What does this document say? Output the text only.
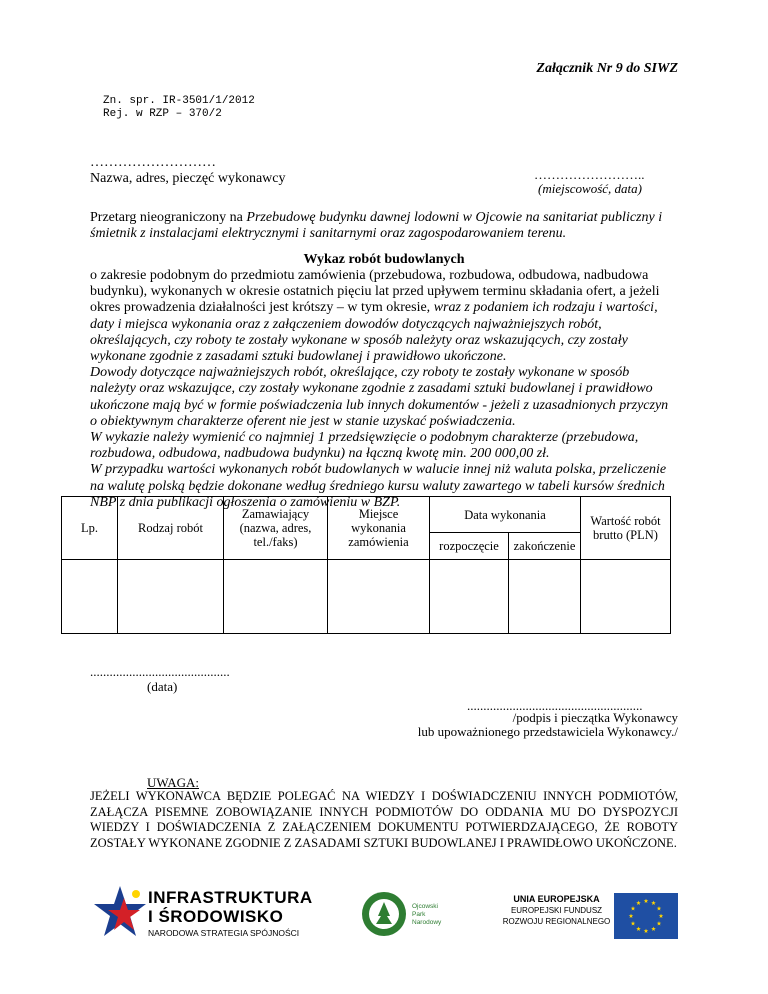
Załącznik Nr 9 do SIWZ
Zn. spr. IR-3501/1/2012
Rej. w RZP – 370/2
………………………
Nazwa, adres, pieczęć wykonawcy	……………………..
(miejscowość, data)
Przetarg nieograniczony na Przebudowę budynku dawnej lodowni w Ojcowie na sanitariat publiczny i śmietnik z instalacjami elektrycznymi i sanitarnymi oraz zagospodarowaniem terenu.
Wykaz robót budowlanych

o zakresie podobnym do przedmiotu zamówienia (przebudowa, rozbudowa, odbudowa, nadbudowa budynku), wykonanych w okresie ostatnich pięciu lat przed upływem terminu składania ofert, a jeżeli okres prowadzenia działalności jest krótszy – w tym okresie, wraz z podaniem ich rodzaju i wartości, daty i miejsca wykonania oraz z załączeniem dowodów dotyczących najważniejszych robót, określających, czy roboty te zostały wykonane w sposób należyty oraz wskazujących, czy zostały wykonane zgodnie z zasadami sztuki budowlanej i prawidłowo ukończone.

Dowody dotyczące najważniejszych robót, określające, czy roboty te zostały wykonane w sposób należyty oraz wskazujące, czy zostały wykonane zgodnie z zasadami sztuki budowlanej i prawidłowo ukończone mają być w formie poświadczenia lub innych dokumentów - jeżeli z uzasadnionych przyczyn o obiektywnym charakterze oferent nie jest w stanie uzyskać poświadczenia.

W wykazie należy wymienić co najmniej 1 przedsięwzięcie o podobnym charakterze (przebudowa, rozbudowa, odbudowa, nadbudowa budynku) na łączną kwotę min. 200 000,00 zł.

W przypadku wartości wykonanych robót budowlanych w walucie innej niż waluta polska, przeliczenie na walutę polską będzie dokonane według średniego kursu waluty zawartego w tabeli kursów średnich NBP z dnia publikacji ogłoszenia o zamówieniu w BZP.

Lp.	Rodzaj robót	Zamawiający (nazwa, adres, tel./faks)	Miejsce wykonania zamówienia	Data wykonania		Wartość robót brutto (PLN)
				rozpoczęcie	zakończenie	

...........................................
(data)
......................................................
/podpis i pieczątka Wykonawcy
lub upoważnionego przedstawiciela Wykonawcy./
UWAGA:
JEŻELI WYKONAWCA BĘDZIE POLEGAĆ NA WIEDZY I DOŚWIADCZENIU INNYCH PODMIOTÓW, ZAŁĄCZA PISEMNE ZOBOWIĄZANIE INNYCH PODMIOTÓW DO ODDANIA MU DO DYSPOZYCJI WIEDZY I DOŚWIADCZENIA Z ZAŁĄCZENIEM DOKUMENTU POTWIERDZAJĄCEGO, ŻE ROBOTY ZOSTAŁY WYKONANE ZGODNIE Z ZASADAMI SZTUKI BUDOWLANEJ I PRAWIDŁOWO UKOŃCZONE.
INFRASTRUKTURA
I ŚRODOWISKO
NARODOWA STRATEGIA SPÓJNOŚCI
Ojcowski
Park
Narodowy
UNIA EUROPEJSKA
EUROPEJSKI FUNDUSZ
ROZWOJU REGIONALNEGO
